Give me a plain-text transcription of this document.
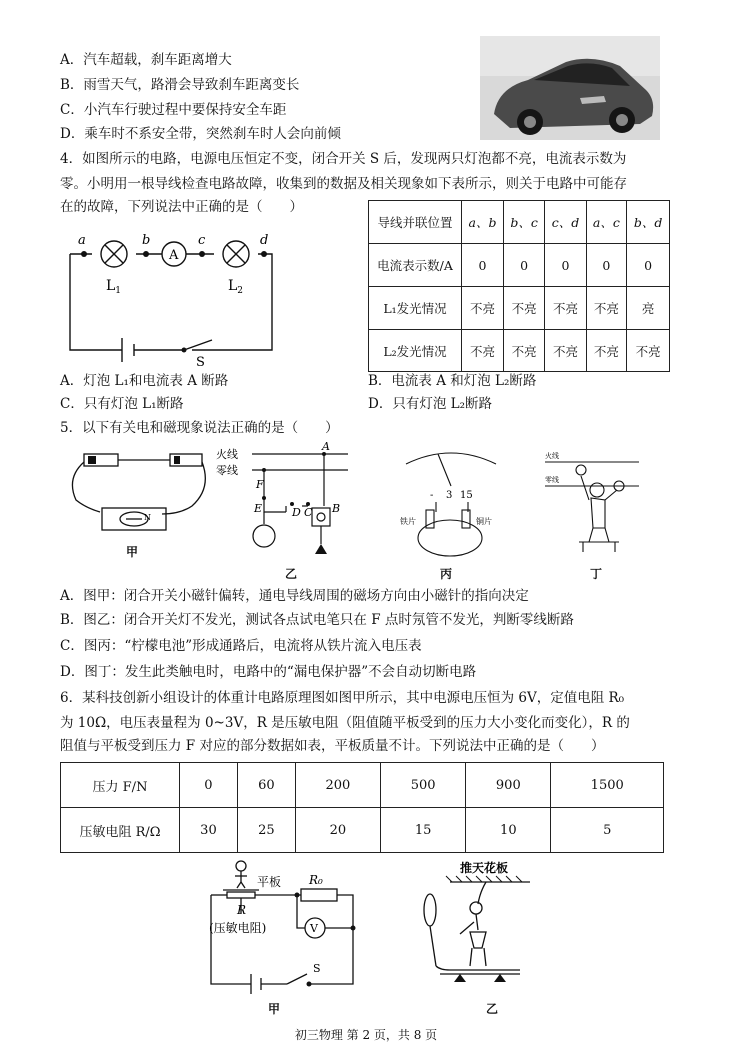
A．汽车超载，刹车距离增大
B．雨雪天气，路滑会导致刹车距离变长
C．小汽车行驶过程中要保持安全车距
D．乘车时不系安全带，突然刹车时人会向前倾
4．如图所示的电路，电源电压恒定不变，闭合开关 S 后，发现两只灯泡都不亮，电流表示数为
零。小明用一根导线检查电路故障，收集到的数据及相关现象如下表所示，则关于电路中可能存
在的故障，下列说法中正确的是（　　）
a	b	c	d
A
$L_1$	$L_2$
S
导线并联位置	a、b	b、c	c、d	a、c	b、d
电流表示数/A	0	0	0	0	0
L₁发光情况	不亮	不亮	不亮	不亮	亮
L₂发光情况	不亮	不亮	不亮	不亮	不亮
A．灯泡 L₁和电流表 A 断路	B．电流表 A 和灯泡 L₂断路
C．只有灯泡 L₁断路	D．只有灯泡 L₂断路
5．以下有关电和磁现象说法正确的是（　　）
N
甲
火线
零线
A
F
E	D C B
乙
- 3 15
铁片	铜片
丙
火线
零线
丁
A．图甲：闭合开关小磁针偏转，通电导线周围的磁场方向由小磁针的指向决定
B．图乙：闭合开关灯不发光，测试各点试电笔只在 F 点时氖管不发光，判断零线断路
C．图丙：“柠檬电池”形成通路后，电流将从铁片流入电压表
D．图丁：发生此类触电时，电路中的“漏电保护器”不会自动切断电路
6．某科技创新小组设计的体重计电路原理图如图甲所示，其中电源电压恒为 6V，定值电阻 R₀
为 10Ω，电压表量程为 0~3V，R 是压敏电阻（阻值随平板受到的压力大小变化而变化），R 的
阻值与平板受到压力 F 对应的部分数据如表，平板质量不计。下列说法中正确的是（　　）
压力 F/N	0	60	200	500	900	1500
压敏电阻 R/Ω	30	25	20	15	10	5
平板 R₀
R
(压敏电阻)	V
S
甲
推天花板
乙
初三物理 第 2 页，共 8 页
